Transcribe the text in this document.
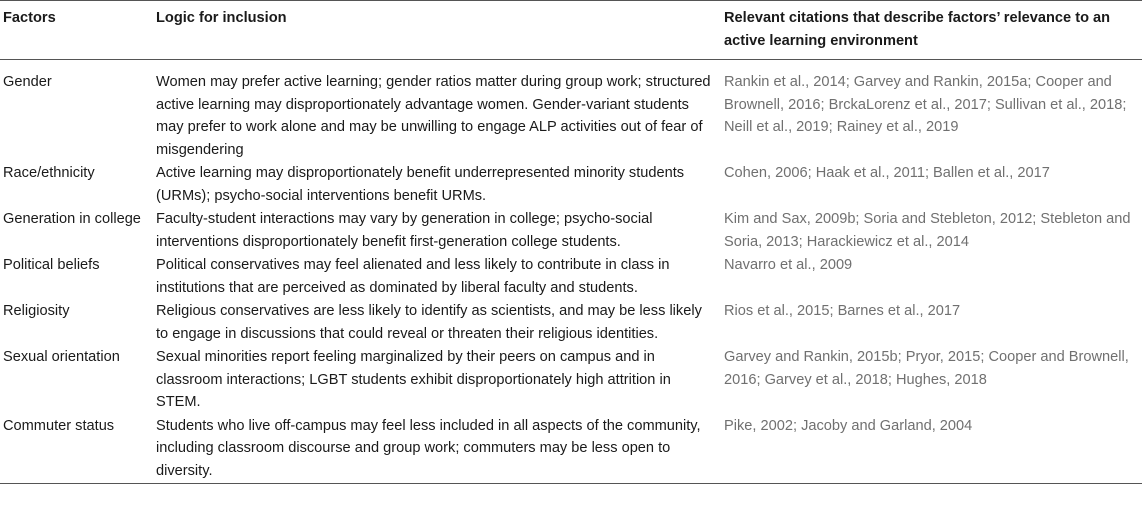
Factors	Logic for inclusion	Relevant citations that describe factors’ relevance to an active learning environment
Gender	Women may prefer active learning; gender ratios matter during group work; structured active learning may disproportionately advantage women. Gender-variant students may prefer to work alone and may be unwilling to engage ALP activities out of fear of misgendering	Rankin et al., 2014; Garvey and Rankin, 2015a; Cooper and Brownell, 2016; BrckaLorenz et al., 2017; Sullivan et al., 2018; Neill et al., 2019; Rainey et al., 2019
Race/ethnicity	Active learning may disproportionately benefit underrepresented minority students (URMs); psycho-social interventions benefit URMs.	Cohen, 2006; Haak et al., 2011; Ballen et al., 2017
Generation in college	Faculty-student interactions may vary by generation in college; psycho-social interventions disproportionately benefit first-generation college students.	Kim and Sax, 2009b; Soria and Stebleton, 2012; Stebleton and Soria, 2013; Harackiewicz et al., 2014
Political beliefs	Political conservatives may feel alienated and less likely to contribute in class in institutions that are perceived as dominated by liberal faculty and students.	Navarro et al., 2009
Religiosity	Religious conservatives are less likely to identify as scientists, and may be less likely to engage in discussions that could reveal or threaten their religious identities.	Rios et al., 2015; Barnes et al., 2017
Sexual orientation	Sexual minorities report feeling marginalized by their peers on campus and in classroom interactions; LGBT students exhibit disproportionately high attrition in STEM.	Garvey and Rankin, 2015b; Pryor, 2015; Cooper and Brownell, 2016; Garvey et al., 2018; Hughes, 2018
Commuter status	Students who live off-campus may feel less included in all aspects of the community, including classroom discourse and group work; commuters may be less open to diversity.	Pike, 2002; Jacoby and Garland, 2004
